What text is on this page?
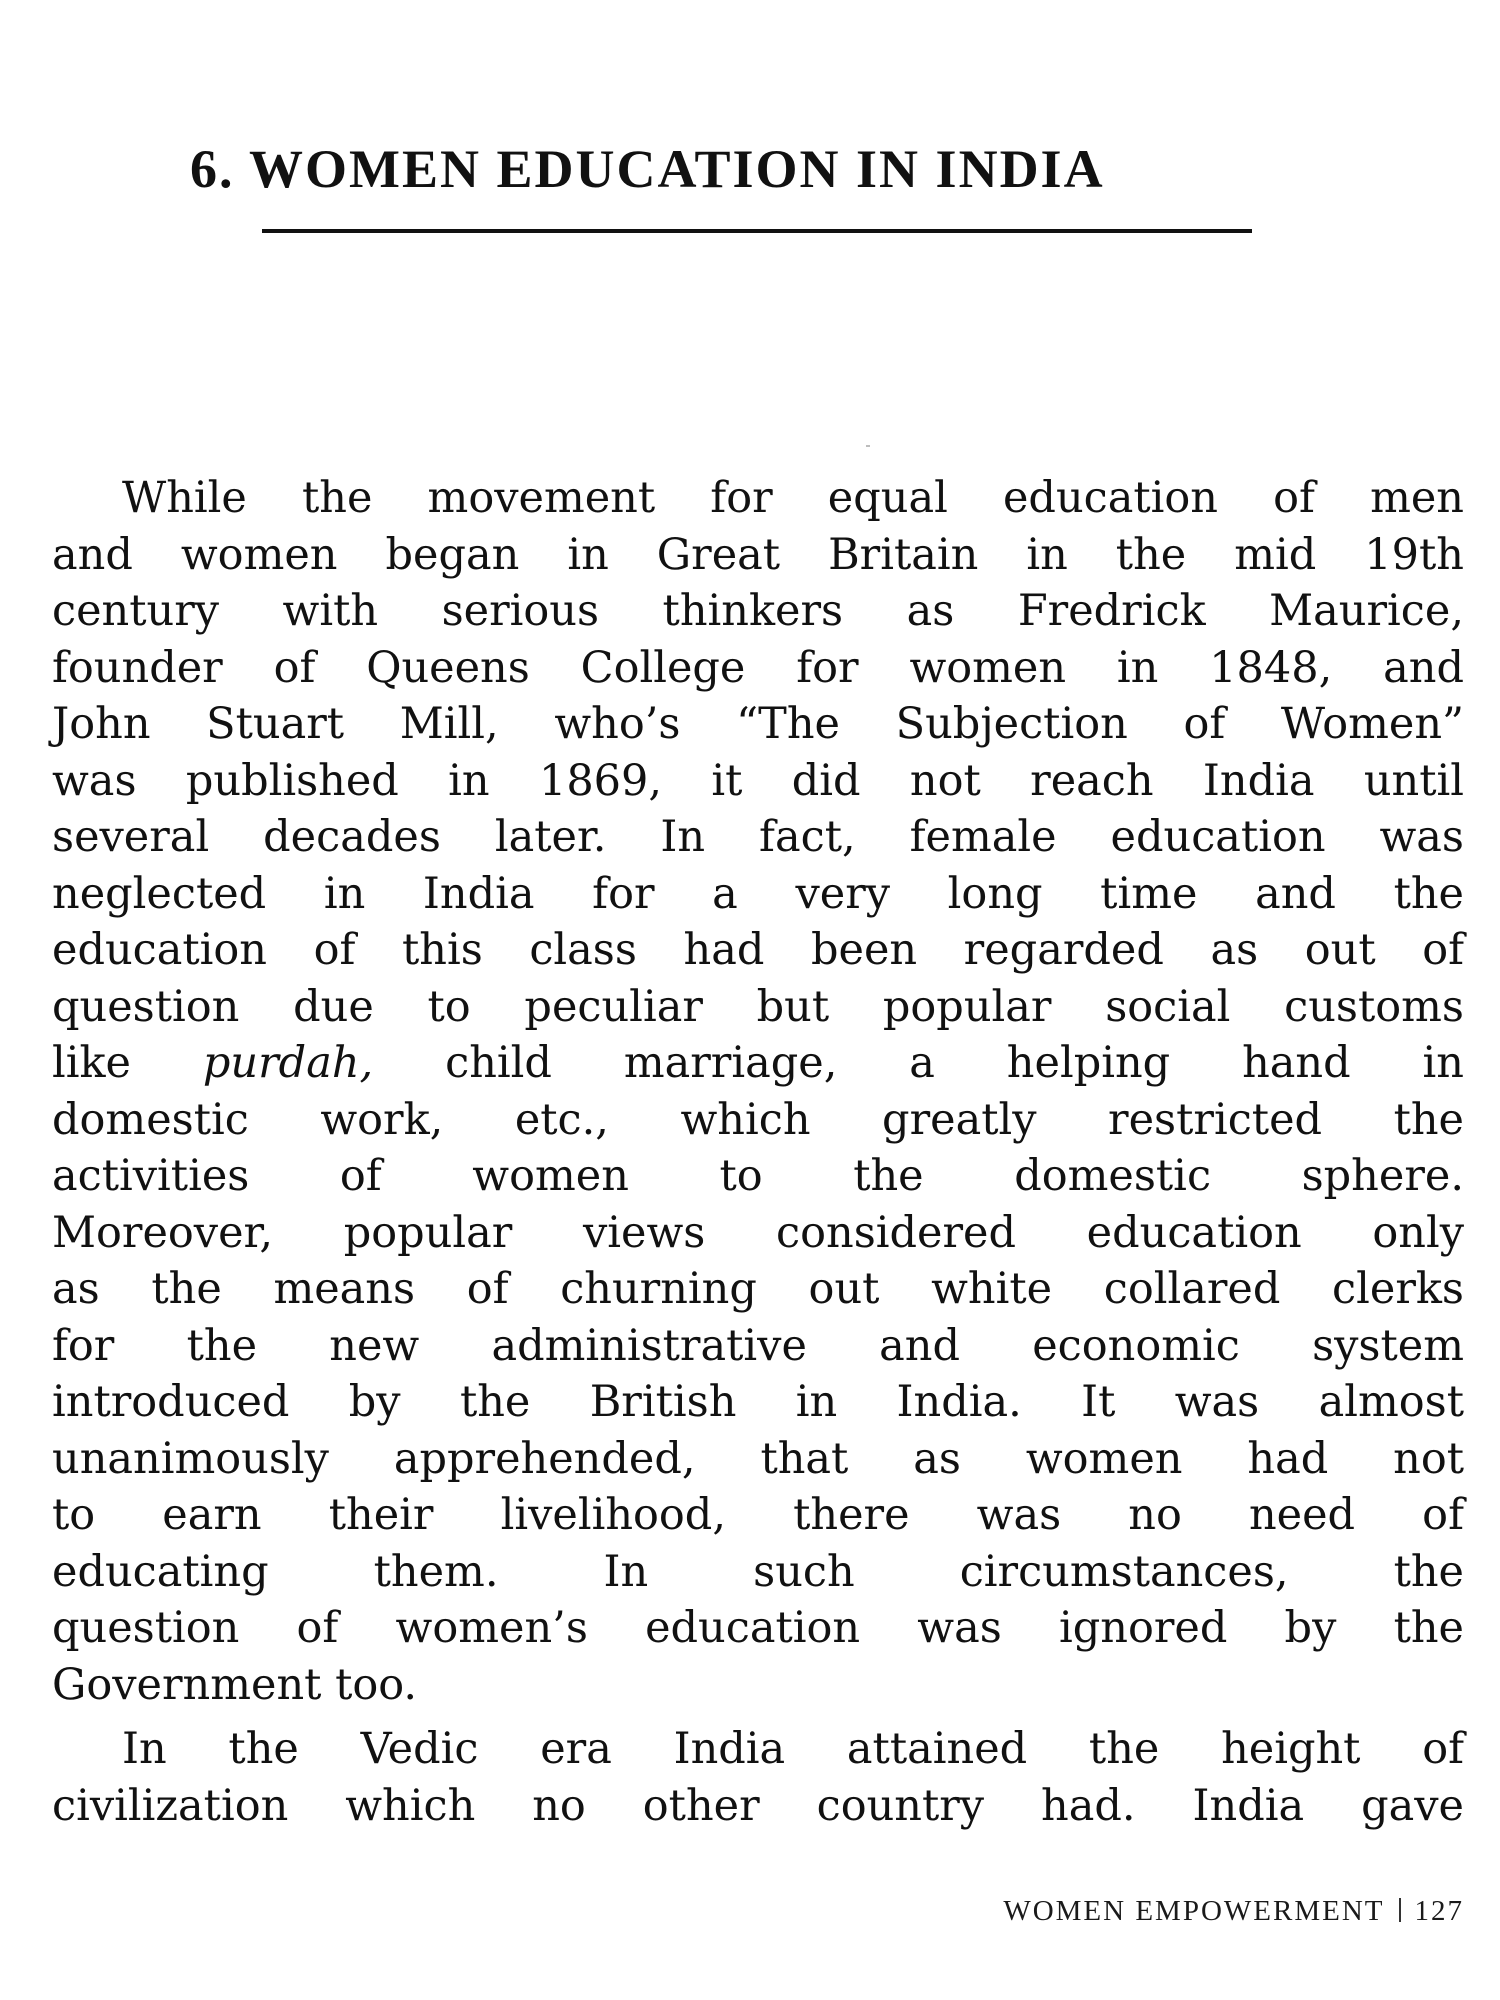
6. WOMEN EDUCATION IN INDIA
While the movement for equal education of men
and women began in Great Britain in the mid 19th
century with serious thinkers as Fredrick Maurice,
founder of Queens College for women in 1848, and
John Stuart Mill, who’s “The Subjection of Women”
was published in 1869, it did not reach India until
several decades later. In fact, female education was
neglected in India for a very long time and the
education of this class had been regarded as out of
question due to peculiar but popular social customs
like purdah, child marriage, a helping hand in
domestic work, etc., which greatly restricted the
activities of women to the domestic sphere.
Moreover, popular views considered education only
as the means of churning out white collared clerks
for the new administrative and economic system
introduced by the British in India. It was almost
unanimously apprehended, that as women had not
to earn their livelihood, there was no need of
educating them. In such circumstances, the
question of women’s education was ignored by the
Government too.
In the Vedic era India attained the height of
civilization which no other country had. India gave
WOMEN EMPOWERMENT 127
